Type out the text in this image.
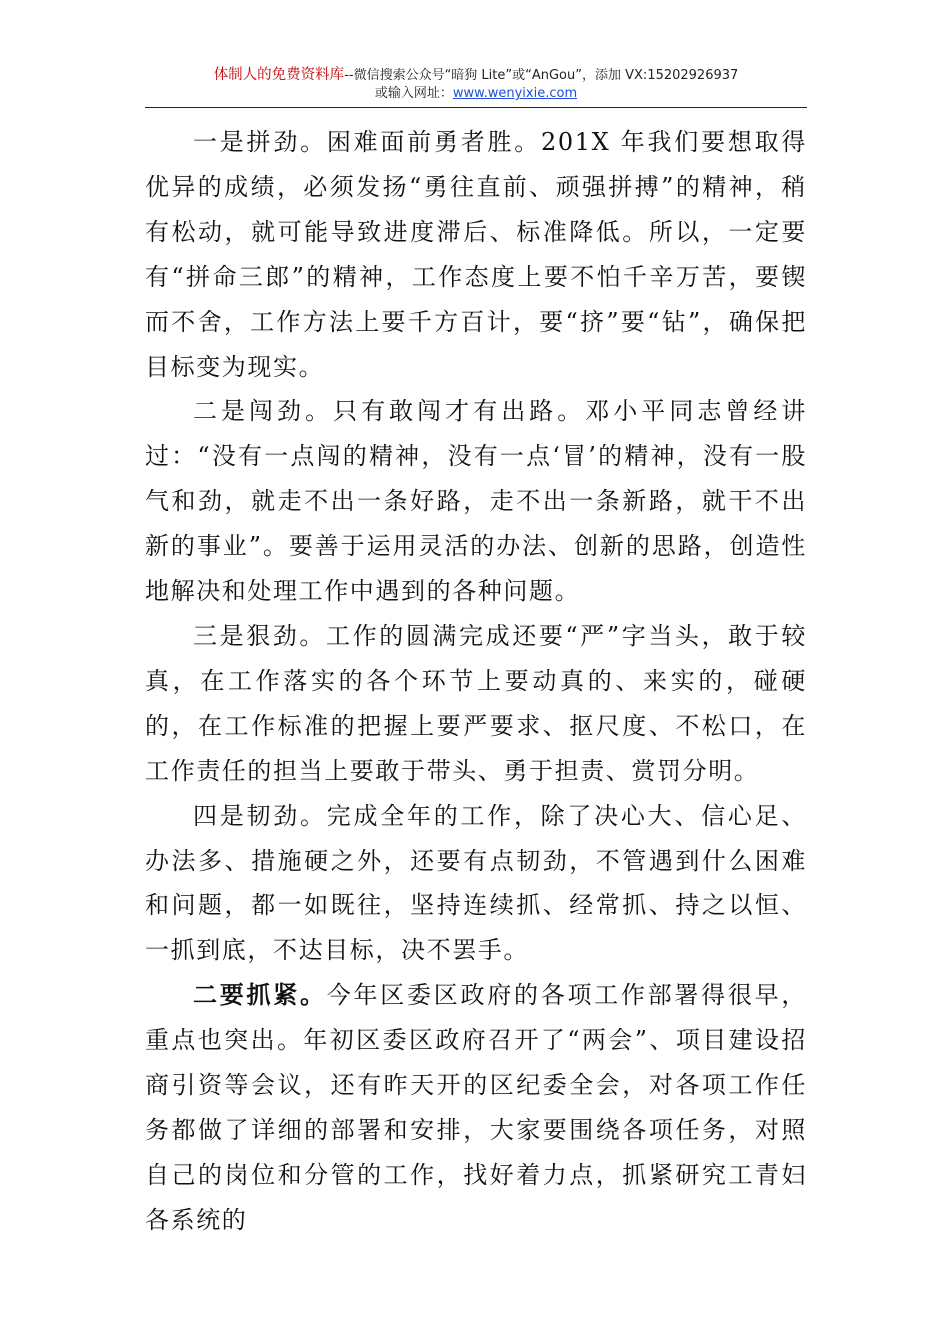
体制人的免费资料库--微信搜索公众号“暗狗 Lite”或“AnGou”，添加 VX:15202926937
或输入网址：www.wenyixie.com

一是拼劲。困难面前勇者胜。201X 年我们要想取得优异的成绩，必须发扬“勇往直前、顽强拼搏”的精神，稍有松动，就可能导致进度滞后、标准降低。所以，一定要有“拼命三郎”的精神，工作态度上要不怕千辛万苦，要锲而不舍，工作方法上要千方百计，要“挤”要“钻”，确保把目标变为现实。

二是闯劲。只有敢闯才有出路。邓小平同志曾经讲过：“没有一点闯的精神，没有一点‘冒’的精神，没有一股气和劲，就走不出一条好路，走不出一条新路，就干不出新的事业”。要善于运用灵活的办法、创新的思路，创造性地解决和处理工作中遇到的各种问题。

三是狠劲。工作的圆满完成还要“严”字当头，敢于较真，在工作落实的各个环节上要动真的、来实的，碰硬的，在工作标准的把握上要严要求、抠尺度、不松口，在工作责任的担当上要敢于带头、勇于担责、赏罚分明。

四是韧劲。完成全年的工作，除了决心大、信心足、办法多、措施硬之外，还要有点韧劲，不管遇到什么困难和问题，都一如既往，坚持连续抓、经常抓、持之以恒、一抓到底，不达目标，决不罢手。

二要抓紧。今年区委区政府的各项工作部署得很早，重点也突出。年初区委区政府召开了“两会”、项目建设招商引资等会议，还有昨天开的区纪委全会，对各项工作任务都做了详细的部署和安排，大家要围绕各项任务，对照自己的岗位和分管的工作，找好着力点，抓紧研究工青妇各系统的
